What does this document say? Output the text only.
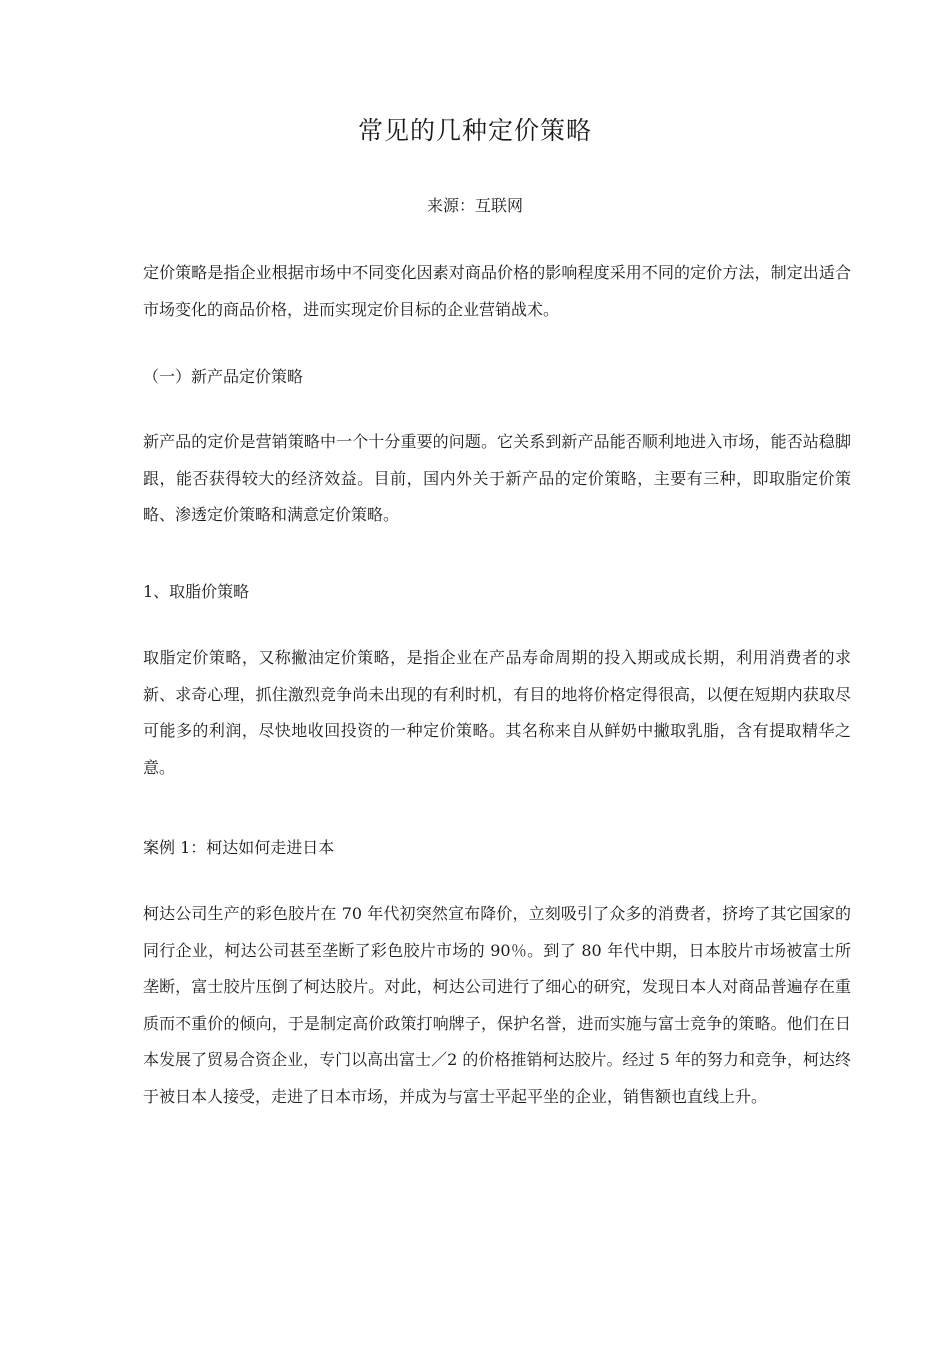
常见的几种定价策略
来源：互联网

定价策略是指企业根据市场中不同变化因素对商品价格的影响程度采用不同的定价方法，制定出适合市场变化的商品价格，进而实现定价目标的企业营销战术。

（一）新产品定价策略

新产品的定价是营销策略中一个十分重要的问题。它关系到新产品能否顺利地进入市场，能否站稳脚跟，能否获得较大的经济效益。目前，国内外关于新产品的定价策略，主要有三种，即取脂定价策略、渗透定价策略和满意定价策略。

1、取脂价策略

取脂定价策略，又称撇油定价策略，是指企业在产品寿命周期的投入期或成长期，利用消费者的求新、求奇心理，抓住激烈竞争尚未出现的有利时机，有目的地将价格定得很高，以便在短期内获取尽可能多的利润，尽快地收回投资的一种定价策略。其名称来自从鲜奶中撇取乳脂，含有提取精华之意。

案例 1：柯达如何走进日本

柯达公司生产的彩色胶片在 70 年代初突然宣布降价，立刻吸引了众多的消费者，挤垮了其它国家的同行企业，柯达公司甚至垄断了彩色胶片市场的 90％。到了 80 年代中期，日本胶片市场被富士所垄断，富士胶片压倒了柯达胶片。对此，柯达公司进行了细心的研究，发现日本人对商品普遍存在重质而不重价的倾向，于是制定高价政策打响牌子，保护名誉，进而实施与富士竞争的策略。他们在日本发展了贸易合资企业，专门以高出富士／2 的价格推销柯达胶片。经过 5 年的努力和竞争，柯达终于被日本人接受，走进了日本市场，并成为与富士平起平坐的企业，销售额也直线上升。
